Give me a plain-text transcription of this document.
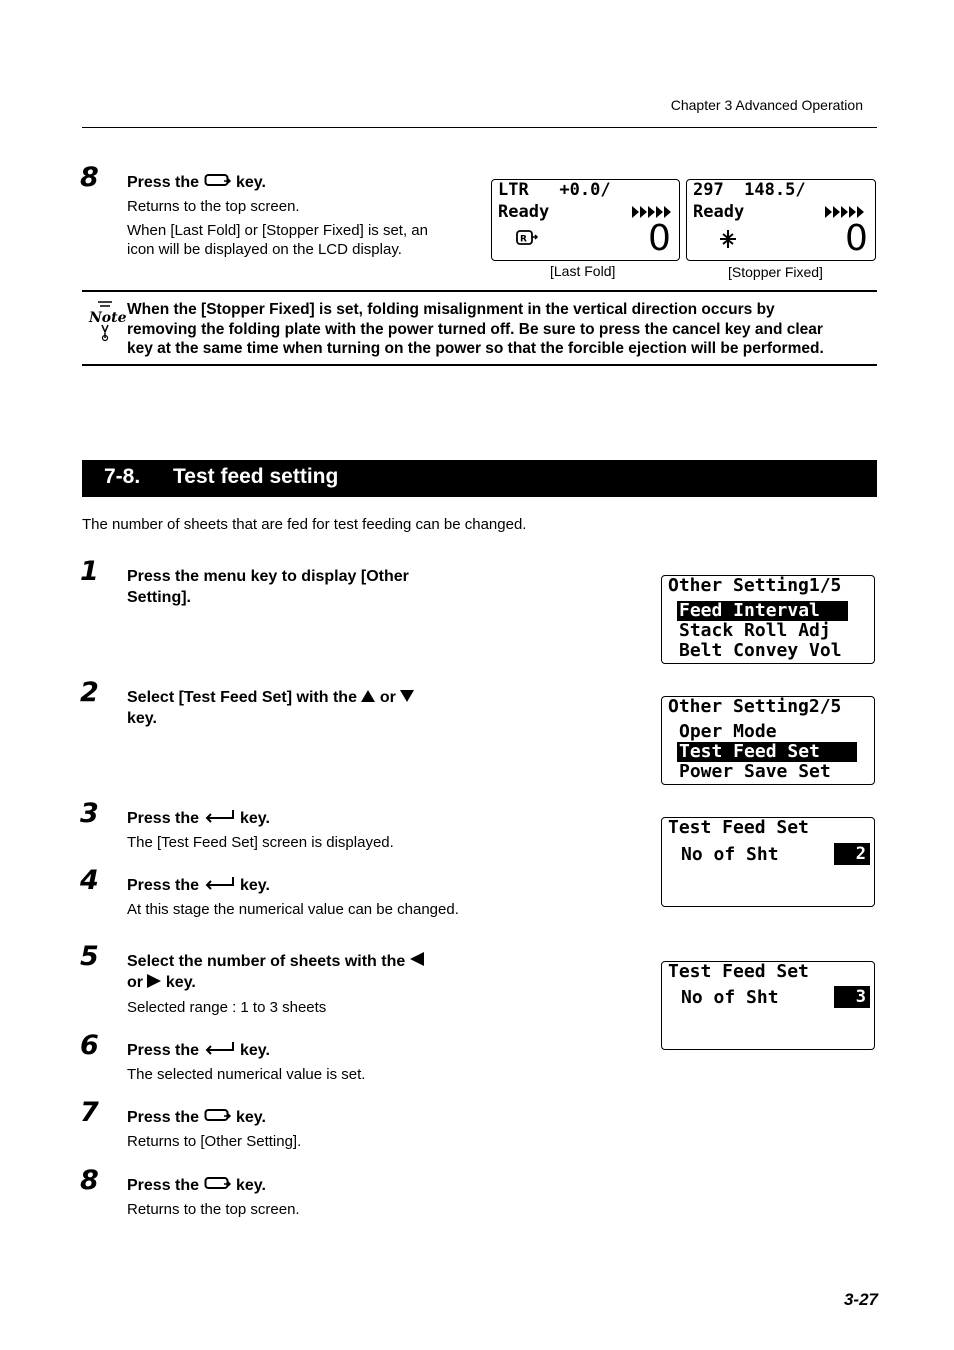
Chapter 3 Advanced Operation
8 Press the key.
Returns to the top screen.
When [Last Fold] or [Stopper Fixed] is set, an
icon will be displayed on the LCD display.
LTR   +0.0/
Ready
R	0
[Last Fold]
297  148.5/
Ready
0
[Stopper Fixed]
Note When the [Stopper Fixed] is set, folding misalignment in the vertical direction occurs by
removing the folding plate with the power turned off. Be sure to press the cancel key and clear
key at the same time when turning on the power so that the forcible ejection will be performed.
7-8. Test feed setting
The number of sheets that are fed for test feeding can be changed.
1 Press the menu key to display [Other
Setting].
2 Select [Test Feed Set] with the or
key.
3 Press the	key.
The [Test Feed Set] screen is displayed.
4 Press the	key.
At this stage the numerical value can be changed.
5 Select the number of sheets with the
or key.
Selected range : 1 to 3 sheets
6 Press the	key.
The selected numerical value is set.
7 Press the key.
Returns to [Other Setting].
8 Press the key.
Returns to the top screen.
Other Setting1/5
Feed Interval
Stack Roll Adj
Belt Convey Vol
Other Setting2/5
Oper Mode
Test Feed Set
Power Save Set
Test Feed Set
No of Sht	2
Test Feed Set
No of Sht	3
3-27
